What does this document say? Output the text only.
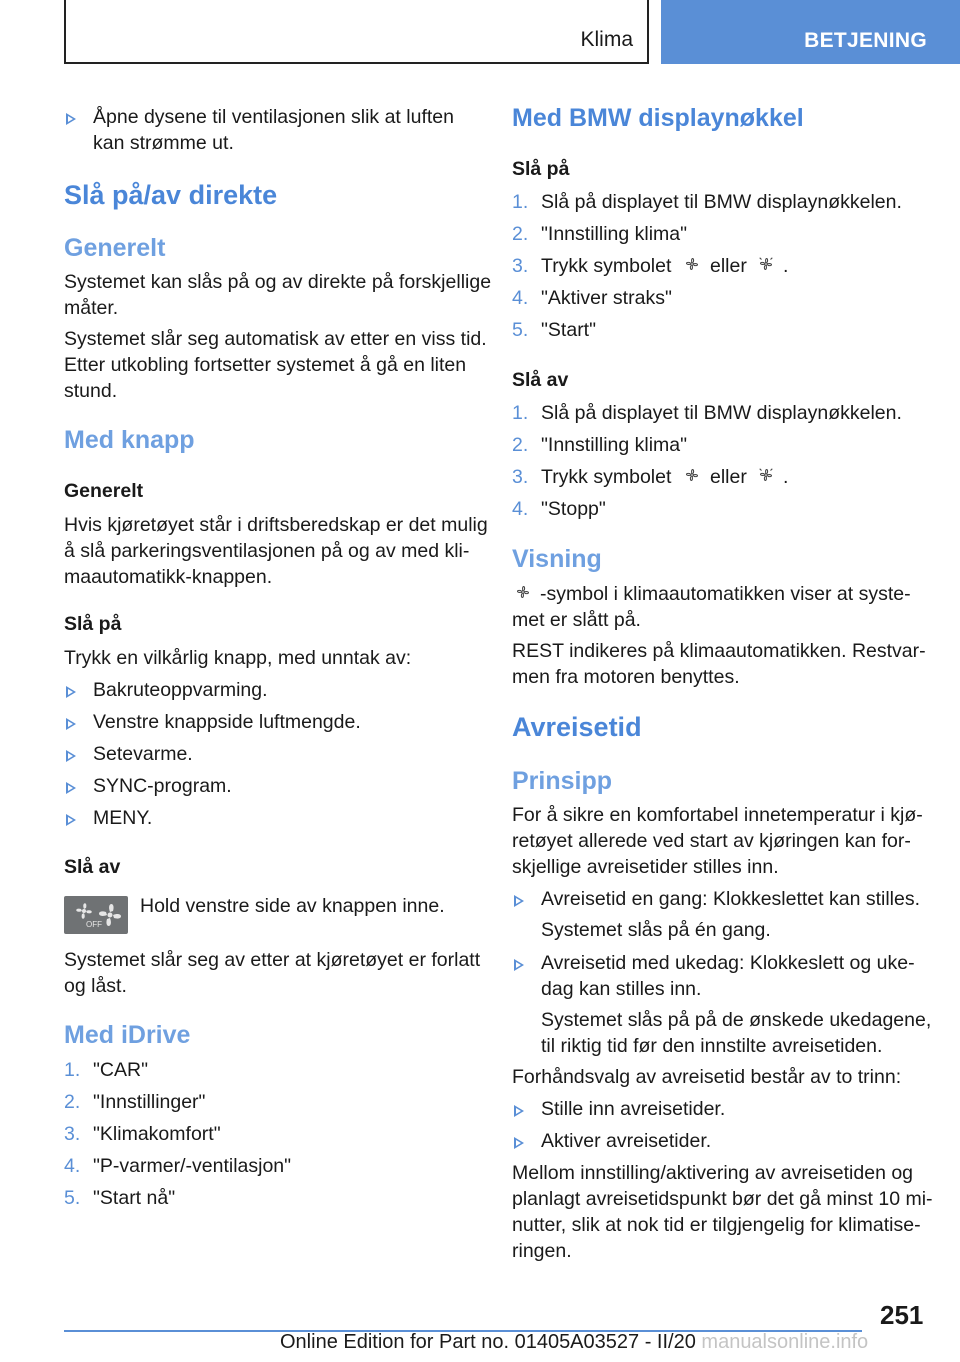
Klima	BETJENING
Åpne dysene til ventilasjonen slik at luften
kan strømme ut.
Slå på/av direkte
Generelt
Systemet kan slås på og av direkte på forskjellige
måter.
Systemet slår seg automatisk av etter en viss tid.
Etter utkobling fortsetter systemet å gå en liten
stund.
Med knapp
Generelt
Hvis kjøretøyet står i driftsberedskap er det mulig
å slå parkeringsventilasjonen på og av med kli-
maautomatikk-knappen.
Slå på
Trykk en vilkårlig knapp, med unntak av:
Bakruteoppvarming.
Venstre knappside luftmengde.
Setevarme.
SYNC-program.
MENY.
Slå av
OFF
Hold venstre side av knappen inne.
Systemet slår seg av etter at kjøretøyet er forlatt
og låst.
Med iDrive
1. "CAR"
2. "Innstillinger"
3. "Klimakomfort"
4. "P-varmer/-ventilasjon"
5. "Start nå"
Med BMW displaynøkkel
Slå på
1. Slå på displayet til BMW displaynøkkelen.
2. "Innstilling klima"
3. Trykk symbolet eller .
4. "Aktiver straks"
5. "Start"
Slå av
1. Slå på displayet til BMW displaynøkkelen.
2. "Innstilling klima"
3. Trykk symbolet eller .
4. "Stopp"
Visning
-symbol i klimaautomatikken viser at syste-
met er slått på.
REST indikeres på klimaautomatikken. Restvar-
men fra motoren benyttes.
Avreisetid
Prinsipp
For å sikre en komfortabel innetemperatur i kjø-
retøyet allerede ved start av kjøringen kan for-
skjellige avreisetider stilles inn.
Avreisetid en gang: Klokkeslettet kan stilles.
Systemet slås på én gang.
Avreisetid med ukedag: Klokkeslett og uke-
dag kan stilles inn.
Systemet slås på på de ønskede ukedagene,
til riktig tid før den innstilte avreisetiden.
Forhåndsvalg av avreisetid består av to trinn:
Stille inn avreisetider.
Aktiver avreisetider.
Mellom innstilling/aktivering av avreisetiden og
planlagt avreisetidspunkt bør det gå minst 10 mi-
nutter, slik at nok tid er tilgjengelig for klimatise-
ringen.
251
Online Edition for Part no. 01405A03527 - II/20 manualsonline.info
